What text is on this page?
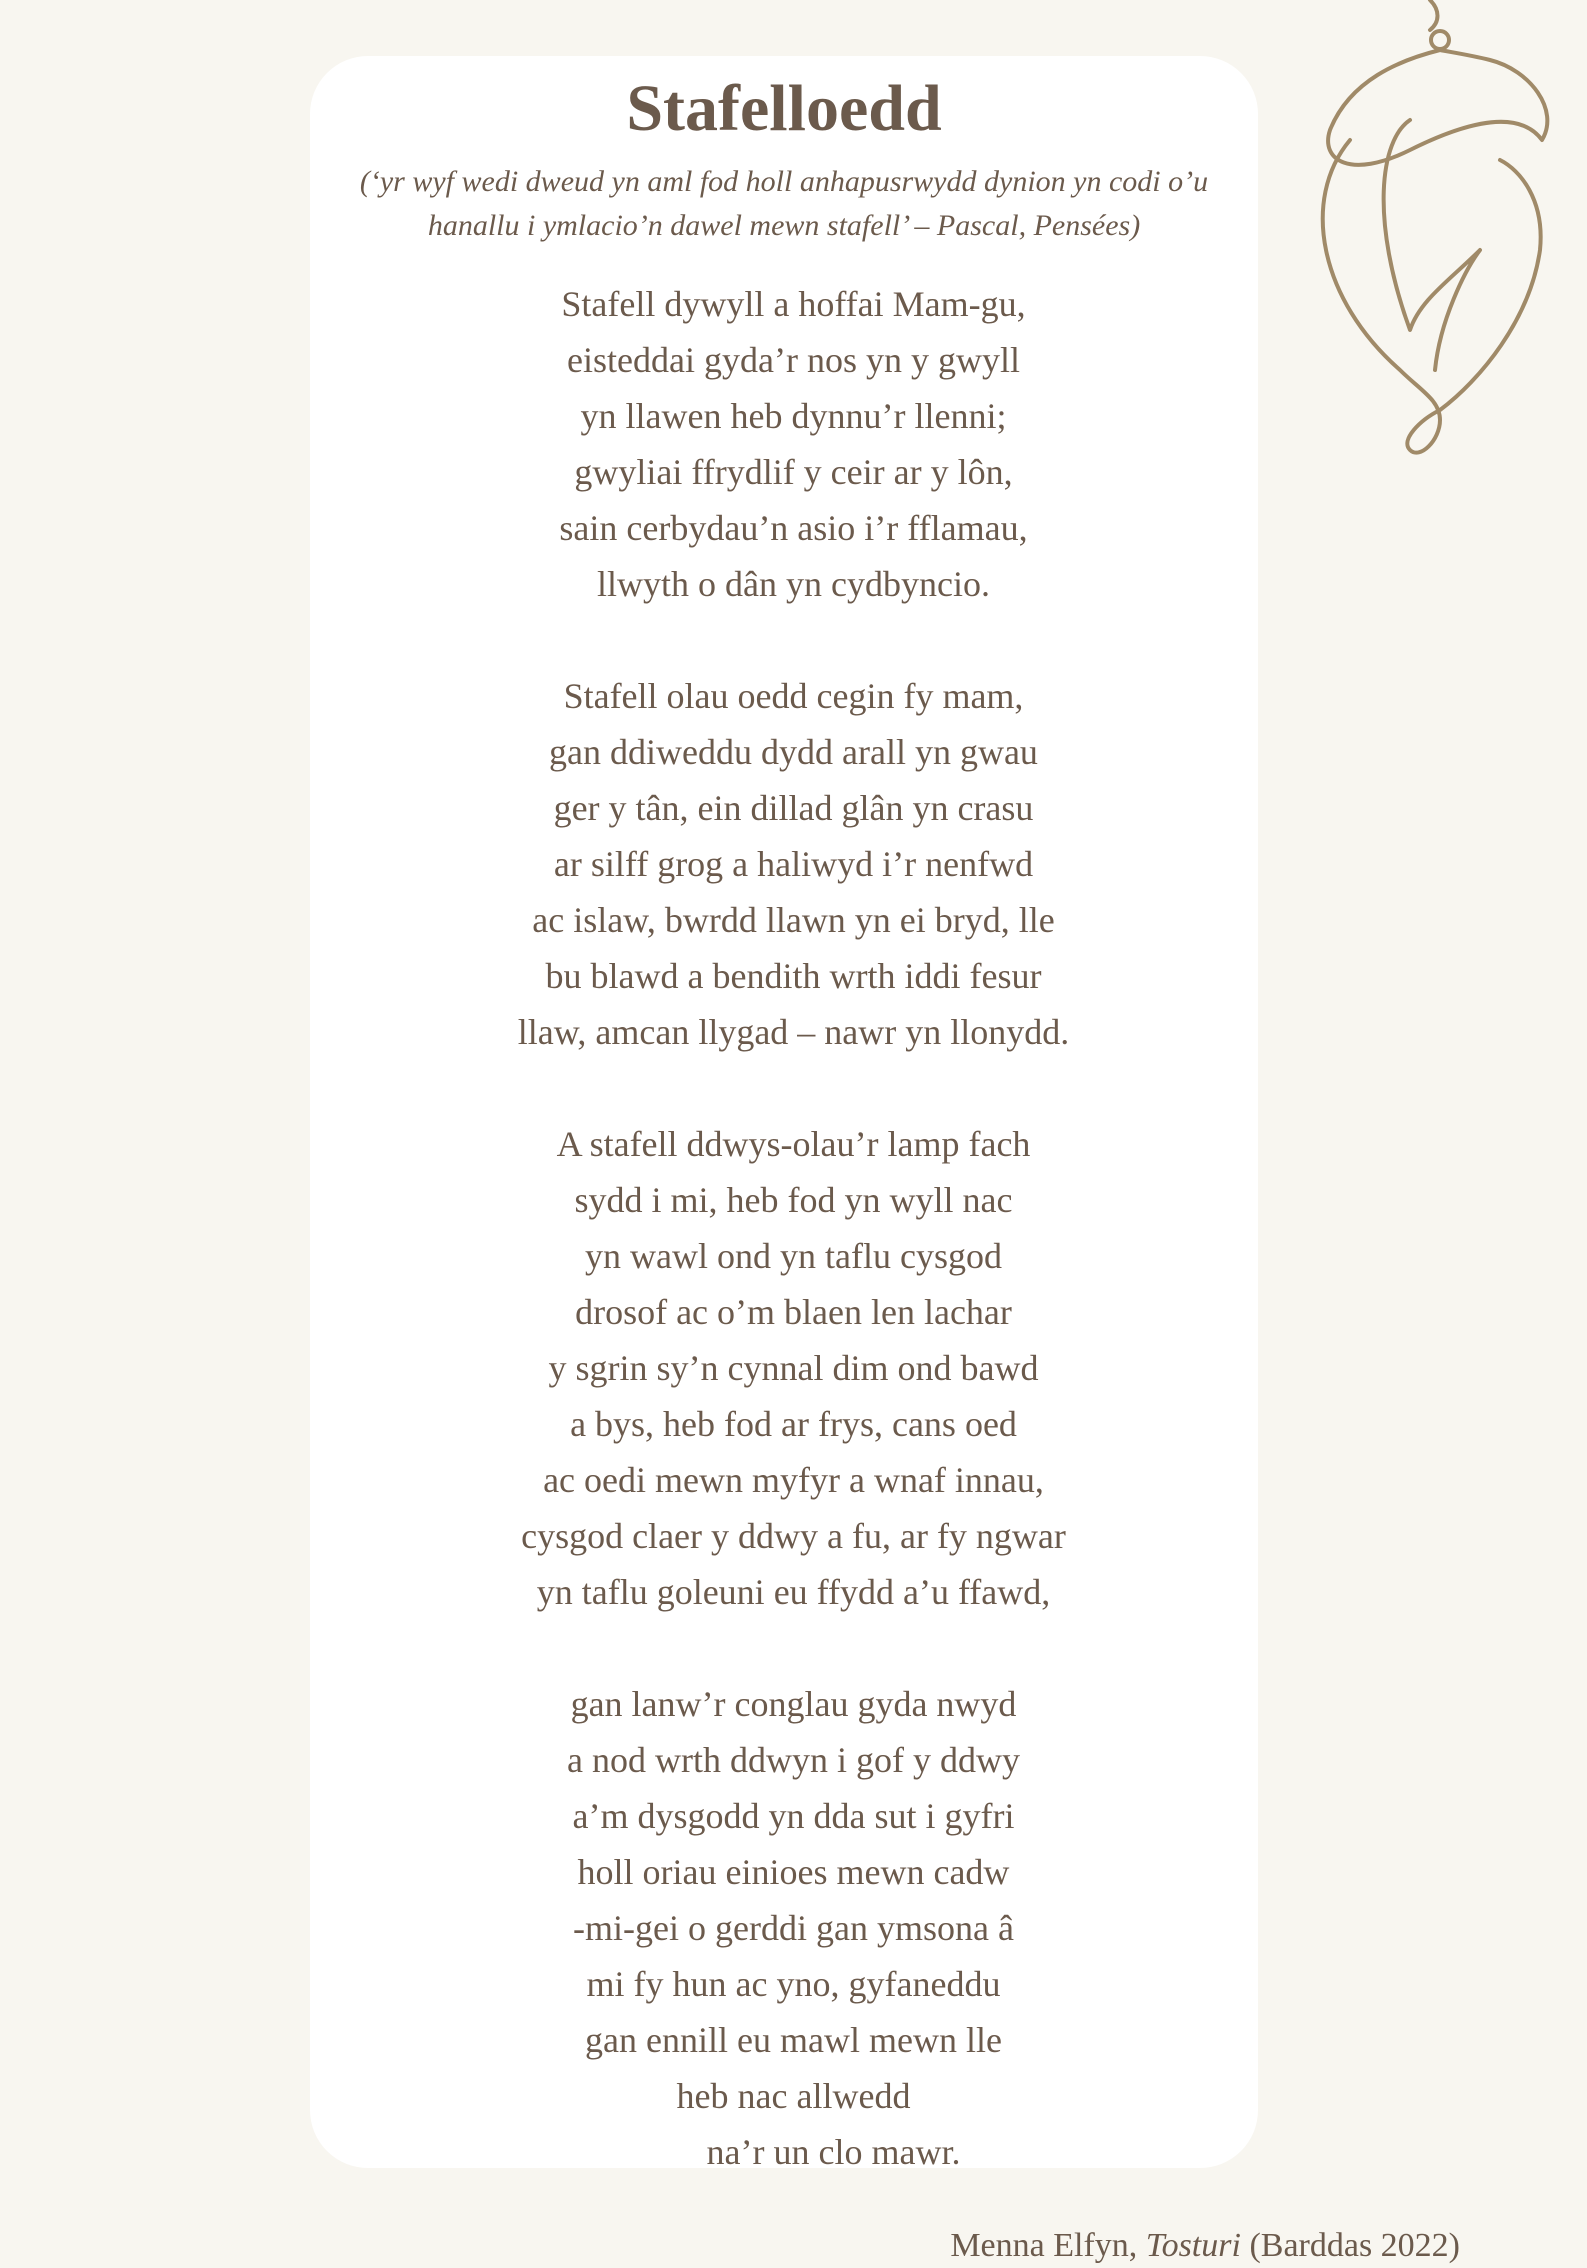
Stafelloedd
(‘yr wyf wedi dweud yn aml fod holl anhapusrwydd dynion yn codi o’u
hanallu i ymlacio’n dawel mewn stafell’ – Pascal, Pensées)
Stafell dywyll a hoffai Mam-gu,
eisteddai gyda’r nos yn y gwyll
yn llawen heb dynnu’r llenni;
gwyliai ffrydlif y ceir ar y lôn,
sain cerbydau’n asio i’r fflamau,
llwyth o dân yn cydbyncio.
Stafell olau oedd cegin fy mam,
gan ddiweddu dydd arall yn gwau
ger y tân, ein dillad glân yn crasu
ar silff grog a haliwyd i’r nenfwd
ac islaw, bwrdd llawn yn ei bryd, lle
bu blawd a bendith wrth iddi fesur
llaw, amcan llygad – nawr yn llonydd.
A stafell ddwys-olau’r lamp fach
sydd i mi, heb fod yn wyll nac
yn wawl ond yn taflu cysgod
drosof ac o’m blaen len lachar
y sgrin sy’n cynnal dim ond bawd
a bys, heb fod ar frys, cans oed
ac oedi mewn myfyr a wnaf innau,
cysgod claer y ddwy a fu, ar fy ngwar
yn taflu goleuni eu ffydd a’u ffawd,
gan lanw’r conglau gyda nwyd
a nod wrth ddwyn i gof y ddwy
a’m dysgodd yn dda sut i gyfri
holl oriau einioes mewn cadw
-mi-gei o gerddi gan ymsona â
mi fy hun ac yno, gyfaneddu
gan ennill eu mawl mewn lle
heb nac allwedd
na’r un clo mawr.
Menna Elfyn, Tosturi (Barddas 2022)
